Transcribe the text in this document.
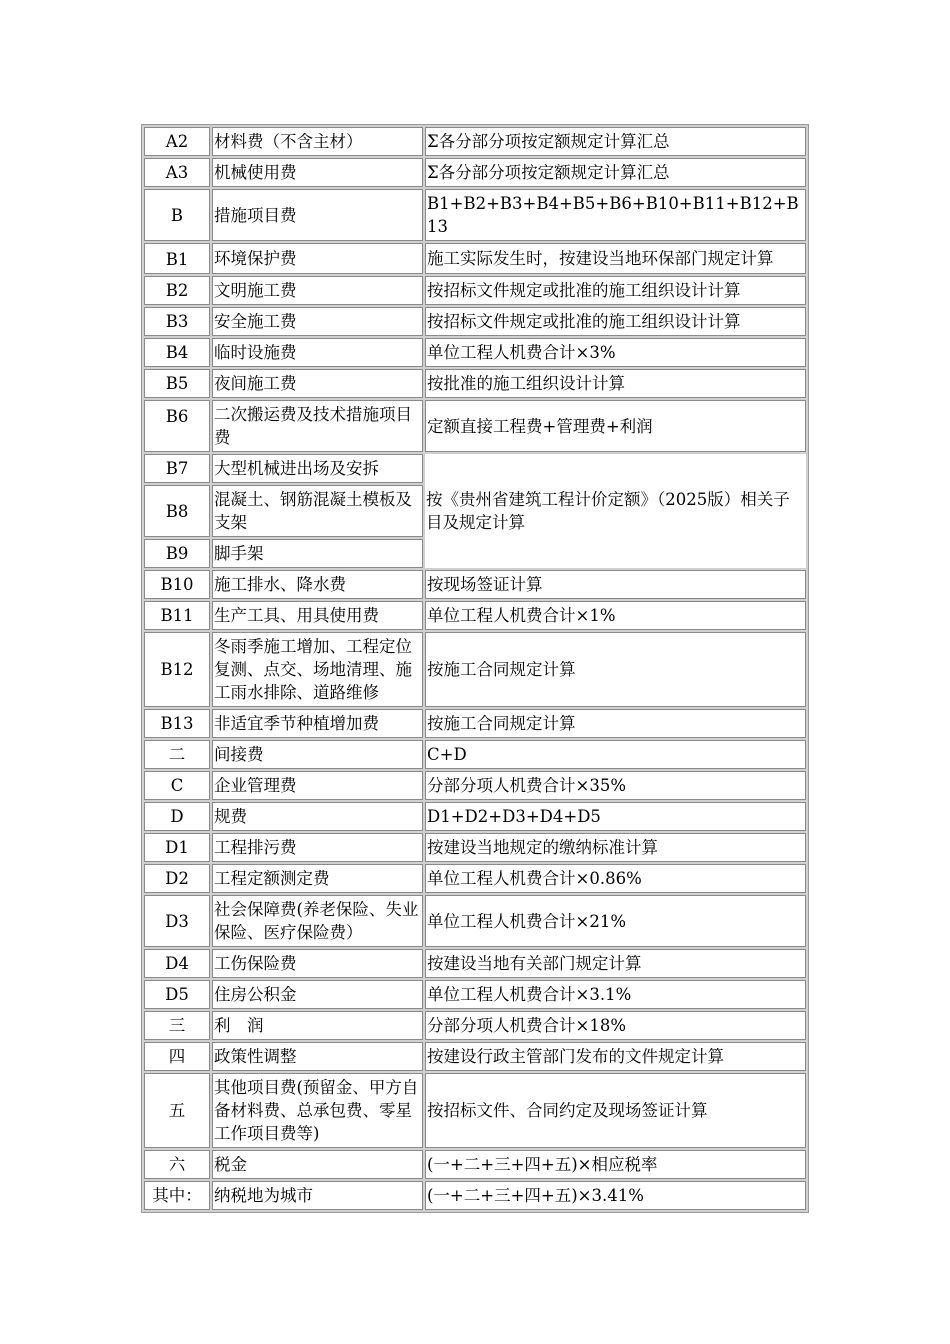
A2	材料费（不含主材）	Σ各分部分项按定额规定计算汇总
A3	机械使用费	Σ各分部分项按定额规定计算汇总
B	措施项目费	B1+B2+B3+B4+B5+B6+B10+B11+B12+B13
B1	环境保护费	施工实际发生时，按建设当地环保部门规定计算
B2	文明施工费	按招标文件规定或批准的施工组织设计计算
B3	安全施工费	按招标文件规定或批准的施工组织设计计算
B4	临时设施费	单位工程人机费合计×3%
B5	夜间施工费	按批准的施工组织设计计算
B6	二次搬运费及技术措施项目费	定额直接工程费+管理费+利润
B7	大型机械进出场及安拆	按《贵州省建筑工程计价定额》（2025版）相关子目及规定计算
B8	混凝土、钢筋混凝土模板及支架	
B9	脚手架	
B10	施工排水、降水费	按现场签证计算
B11	生产工具、用具使用费	单位工程人机费合计×1%
B12	冬雨季施工增加、工程定位复测、点交、场地清理、施工雨水排除、道路维修	按施工合同规定计算
B13	非适宜季节种植增加费	按施工合同规定计算
二	间接费	C+D
C	企业管理费	分部分项人机费合计×35%
D	规费	D1+D2+D3+D4+D5
D1	工程排污费	按建设当地规定的缴纳标准计算
D2	工程定额测定费	单位工程人机费合计×0.86%
D3	社会保障费(养老保险、失业保险、医疗保险费）	单位工程人机费合计×21%
D4	工伤保险费	按建设当地有关部门规定计算
D5	住房公积金	单位工程人机费合计×3.1%
三	利　润	分部分项人机费合计×18%
四	政策性调整	按建设行政主管部门发布的文件规定计算
五	其他项目费(预留金、甲方自备材料费、总承包费、零星工作项目费等)	按招标文件、合同约定及现场签证计算
六	税金	(一+二+三+四+五)×相应税率
其中：	纳税地为城市	(一+二+三+四+五)×3.41%
